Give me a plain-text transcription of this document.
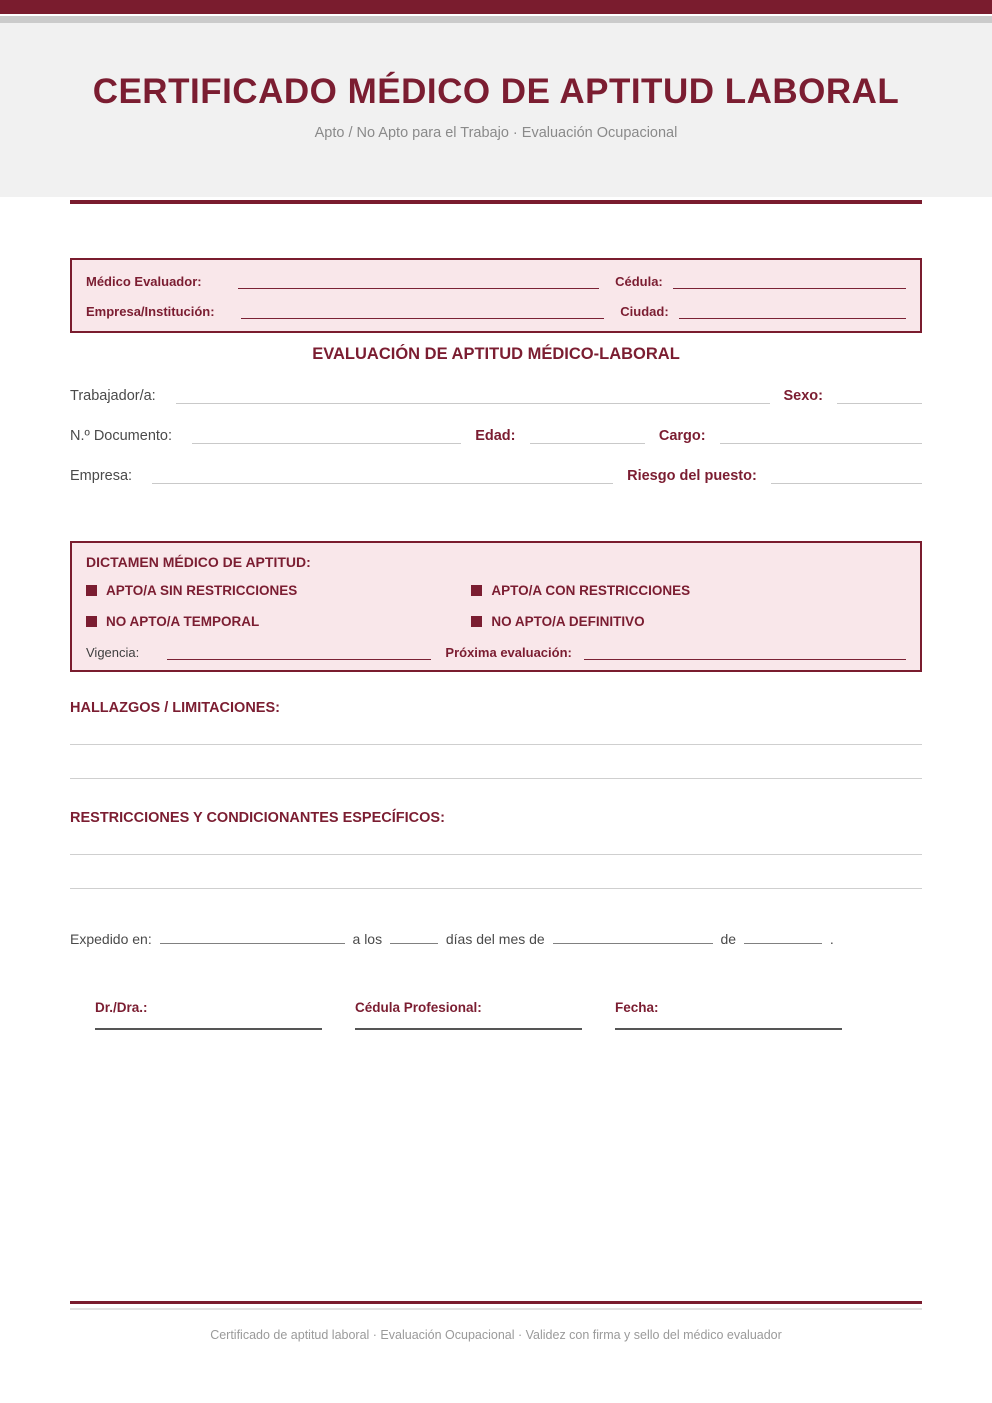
CERTIFICADO MÉDICO DE APTITUD LABORAL
Apto / No Apto para el Trabajo · Evaluación Ocupacional
Médico Evaluador:	Cédula:
Empresa/Institución:	Ciudad:
EVALUACIÓN DE APTITUD MÉDICO-LABORAL
Trabajador/a:	Sexo:
N.º Documento:	Edad:	Cargo:
Empresa:	Riesgo del puesto:
DICTAMEN MÉDICO DE APTITUD:
APTO/A SIN RESTRICCIONES	APTO/A CON RESTRICCIONES
NO APTO/A TEMPORAL	NO APTO/A DEFINITIVO
Vigencia:	Próxima evaluación:
HALLAZGOS / LIMITACIONES:
RESTRICCIONES Y CONDICIONANTES ESPECÍFICOS:
Expedido en:	a los	días del mes de	de	.
Dr./Dra.:	Cédula Profesional:	Fecha:
Certificado de aptitud laboral · Evaluación Ocupacional · Validez con firma y sello del médico evaluador
